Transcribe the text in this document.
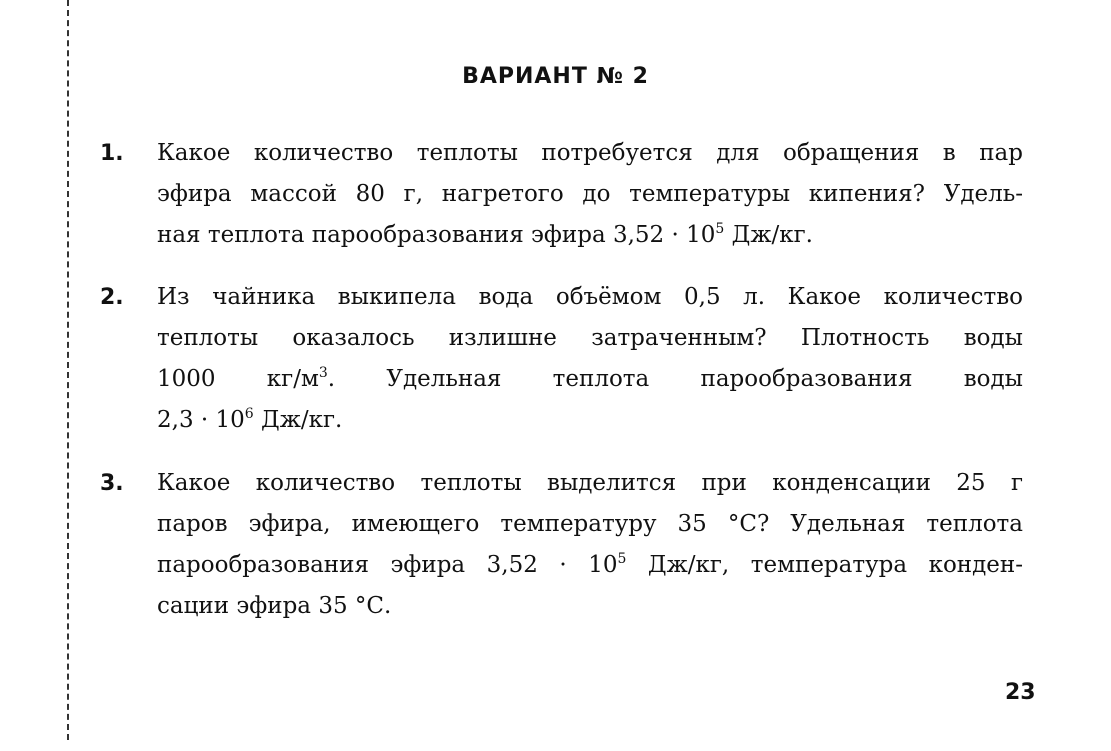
ВАРИАНТ № 2
1. Какое количество теплоты потребуется для обращения в пар
эфира массой 80 г, нагретого до температуры кипения? Удель-
ная теплота парообразования эфира $3,52 \cdot 10^5$ Дж/кг.
2. Из чайника выкипела вода объёмом 0,5 л. Какое количество
теплоты оказалось излишне затраченным? Плотность воды
1000 $кг/м^3$. Удельная теплота парообразования воды
$2,3 \cdot 10^6$ Дж/кг.
3. Какое количество теплоты выделится при конденсации 25 г
паров эфира, имеющего температуру 35 °С? Удельная теплота
парообразования эфира $3,52 \cdot 10^5$ Дж/кг, температура конден-
сации эфира 35 °С.
23
